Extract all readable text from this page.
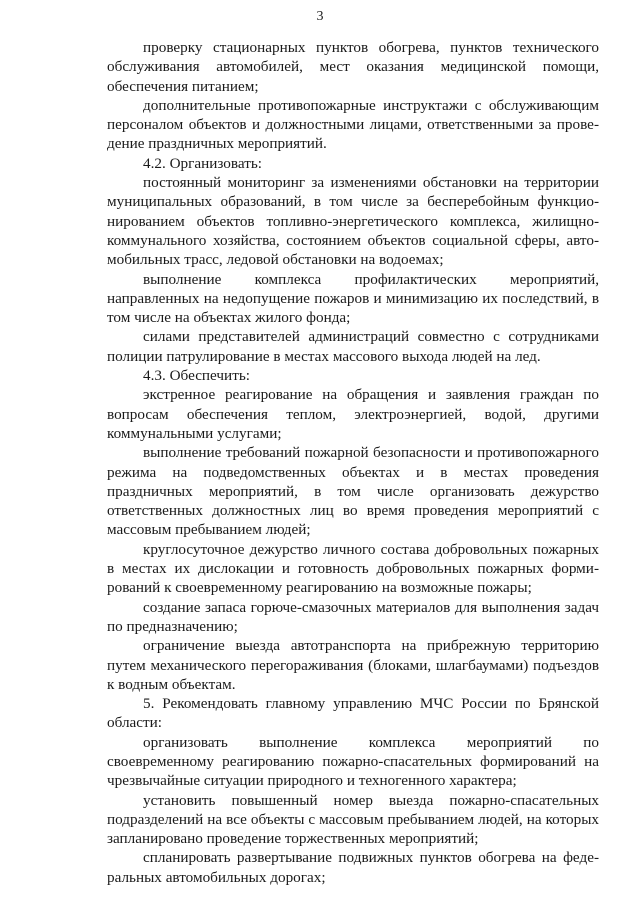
3

проверку стационарных пунктов обогрева, пунктов технического обслуживания автомобилей, мест оказания медицинской помощи, обеспечения питанием;

дополнительные противопожарные инструктажи с обслуживающим персоналом объектов и должностными лицами, ответственными за проведение праздничных мероприятий.

4.2. Организовать:

постоянный мониторинг за изменениями обстановки на территории муниципальных образований, в том числе за бесперебойным функционированием объектов топливно-энергетического комплекса, жилищно-коммунального хозяйства, состоянием объектов социальной сферы, автомобильных трасс, ледовой обстановки на водоемах;

выполнение комплекса профилактических мероприятий, направленных на недопущение пожаров и минимизацию их последствий, в том числе на объектах жилого фонда;

силами представителей администраций совместно с сотрудниками полиции патрулирование в местах массового выхода людей на лед.

4.3. Обеспечить:

экстренное реагирование на обращения и заявления граждан по вопросам обеспечения теплом, электроэнергией, водой, другими коммунальными услугами;

выполнение требований пожарной безопасности и противопожарного режима на подведомственных объектах и в местах проведения праздничных мероприятий, в том числе организовать дежурство ответственных должностных лиц во время проведения мероприятий с массовым пребыванием людей;

круглосуточное дежурство личного состава добровольных пожарных в местах их дислокации и готовность добровольных пожарных формирований к своевременному реагированию на возможные пожары;

создание запаса горюче-смазочных материалов для выполнения задач по предназначению;

ограничение выезда автотранспорта на прибрежную территорию путем механического перегораживания (блоками, шлагбаумами) подъездов к водным объектам.

5. Рекомендовать главному управлению МЧС России по Брянской области:

организовать выполнение комплекса мероприятий по своевременному реагированию пожарно-спасательных формирований на чрезвычайные ситуации природного и техногенного характера;

установить повышенный номер выезда пожарно-спасательных подразделений на все объекты с массовым пребыванием людей, на которых запланировано проведение торжественных мероприятий;

спланировать развертывание подвижных пунктов обогрева на федеральных автомобильных дорогах;
